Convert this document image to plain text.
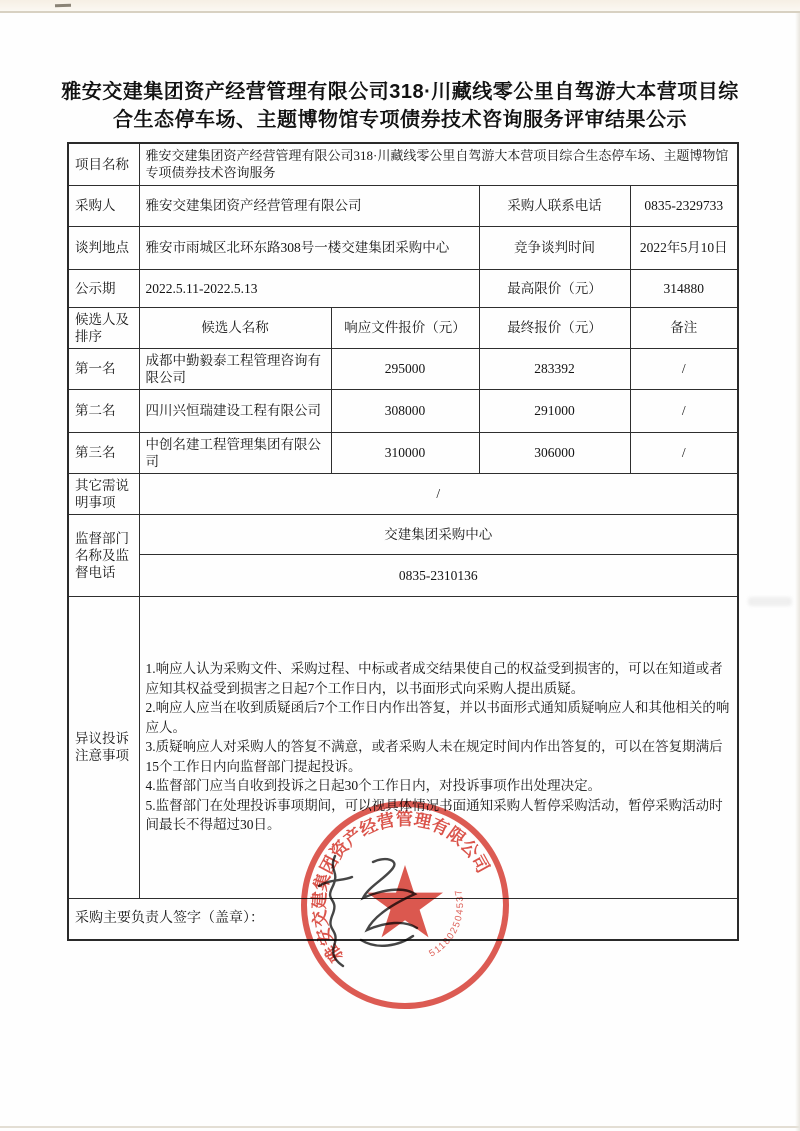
雅安交建集团资产经营管理有限公司318·川藏线零公里自驾游大本营项目综合生态停车场、主题博物馆专项债券技术咨询服务评审结果公示
项目名称	雅安交建集团资产经营管理有限公司318·川藏线零公里自驾游大本营项目综合生态停车场、主题博物馆专项债券技术咨询服务			
采购人	雅安交建集团资产经营管理有限公司		采购人联系电话	0835-2329733
谈判地点	雅安市雨城区北环东路308号一楼交建集团采购中心		竞争谈判时间	2022年5月10日
公示期	2022.5.11-2022.5.13		最高限价（元）	314880
候选人及排序	候选人名称	响应文件报价（元）	最终报价（元）	备注
第一名	成都中勤毅泰工程管理咨询有限公司	295000	283392	/
第二名	四川兴恒瑞建设工程有限公司	308000	291000	/
第三名	中创名建工程管理集团有限公司	310000	306000	/
其它需说明事项	/			
监督部门名称及监督电话	交建集团采购中心			
	0835-2310136			
异议投诉注意事项	1.响应人认为采购文件、采购过程、中标或者成交结果使自己的权益受到损害的，可以在知道或者应知其权益受到损害之日起7个工作日内，以书面形式向采购人提出质疑。

2.响应人应当在收到质疑函后7个工作日内作出答复，并以书面形式通知质疑响应人和其他相关的响应人。

3.质疑响应人对采购人的答复不满意，或者采购人未在规定时间内作出答复的，可以在答复期满后15个工作日内向监督部门提起投诉。

4.监督部门应当自收到投诉之日起30个工作日内，对投诉事项作出处理决定。

5.监督部门在处理投诉事项期间，可以视具体情况书面通知采购人暂停采购活动，暂停采购活动时间最长不得超过30日。			

采购主要负责人签字（盖章）：				
雅安交建集团资产经营管理有限公司
511802504537
